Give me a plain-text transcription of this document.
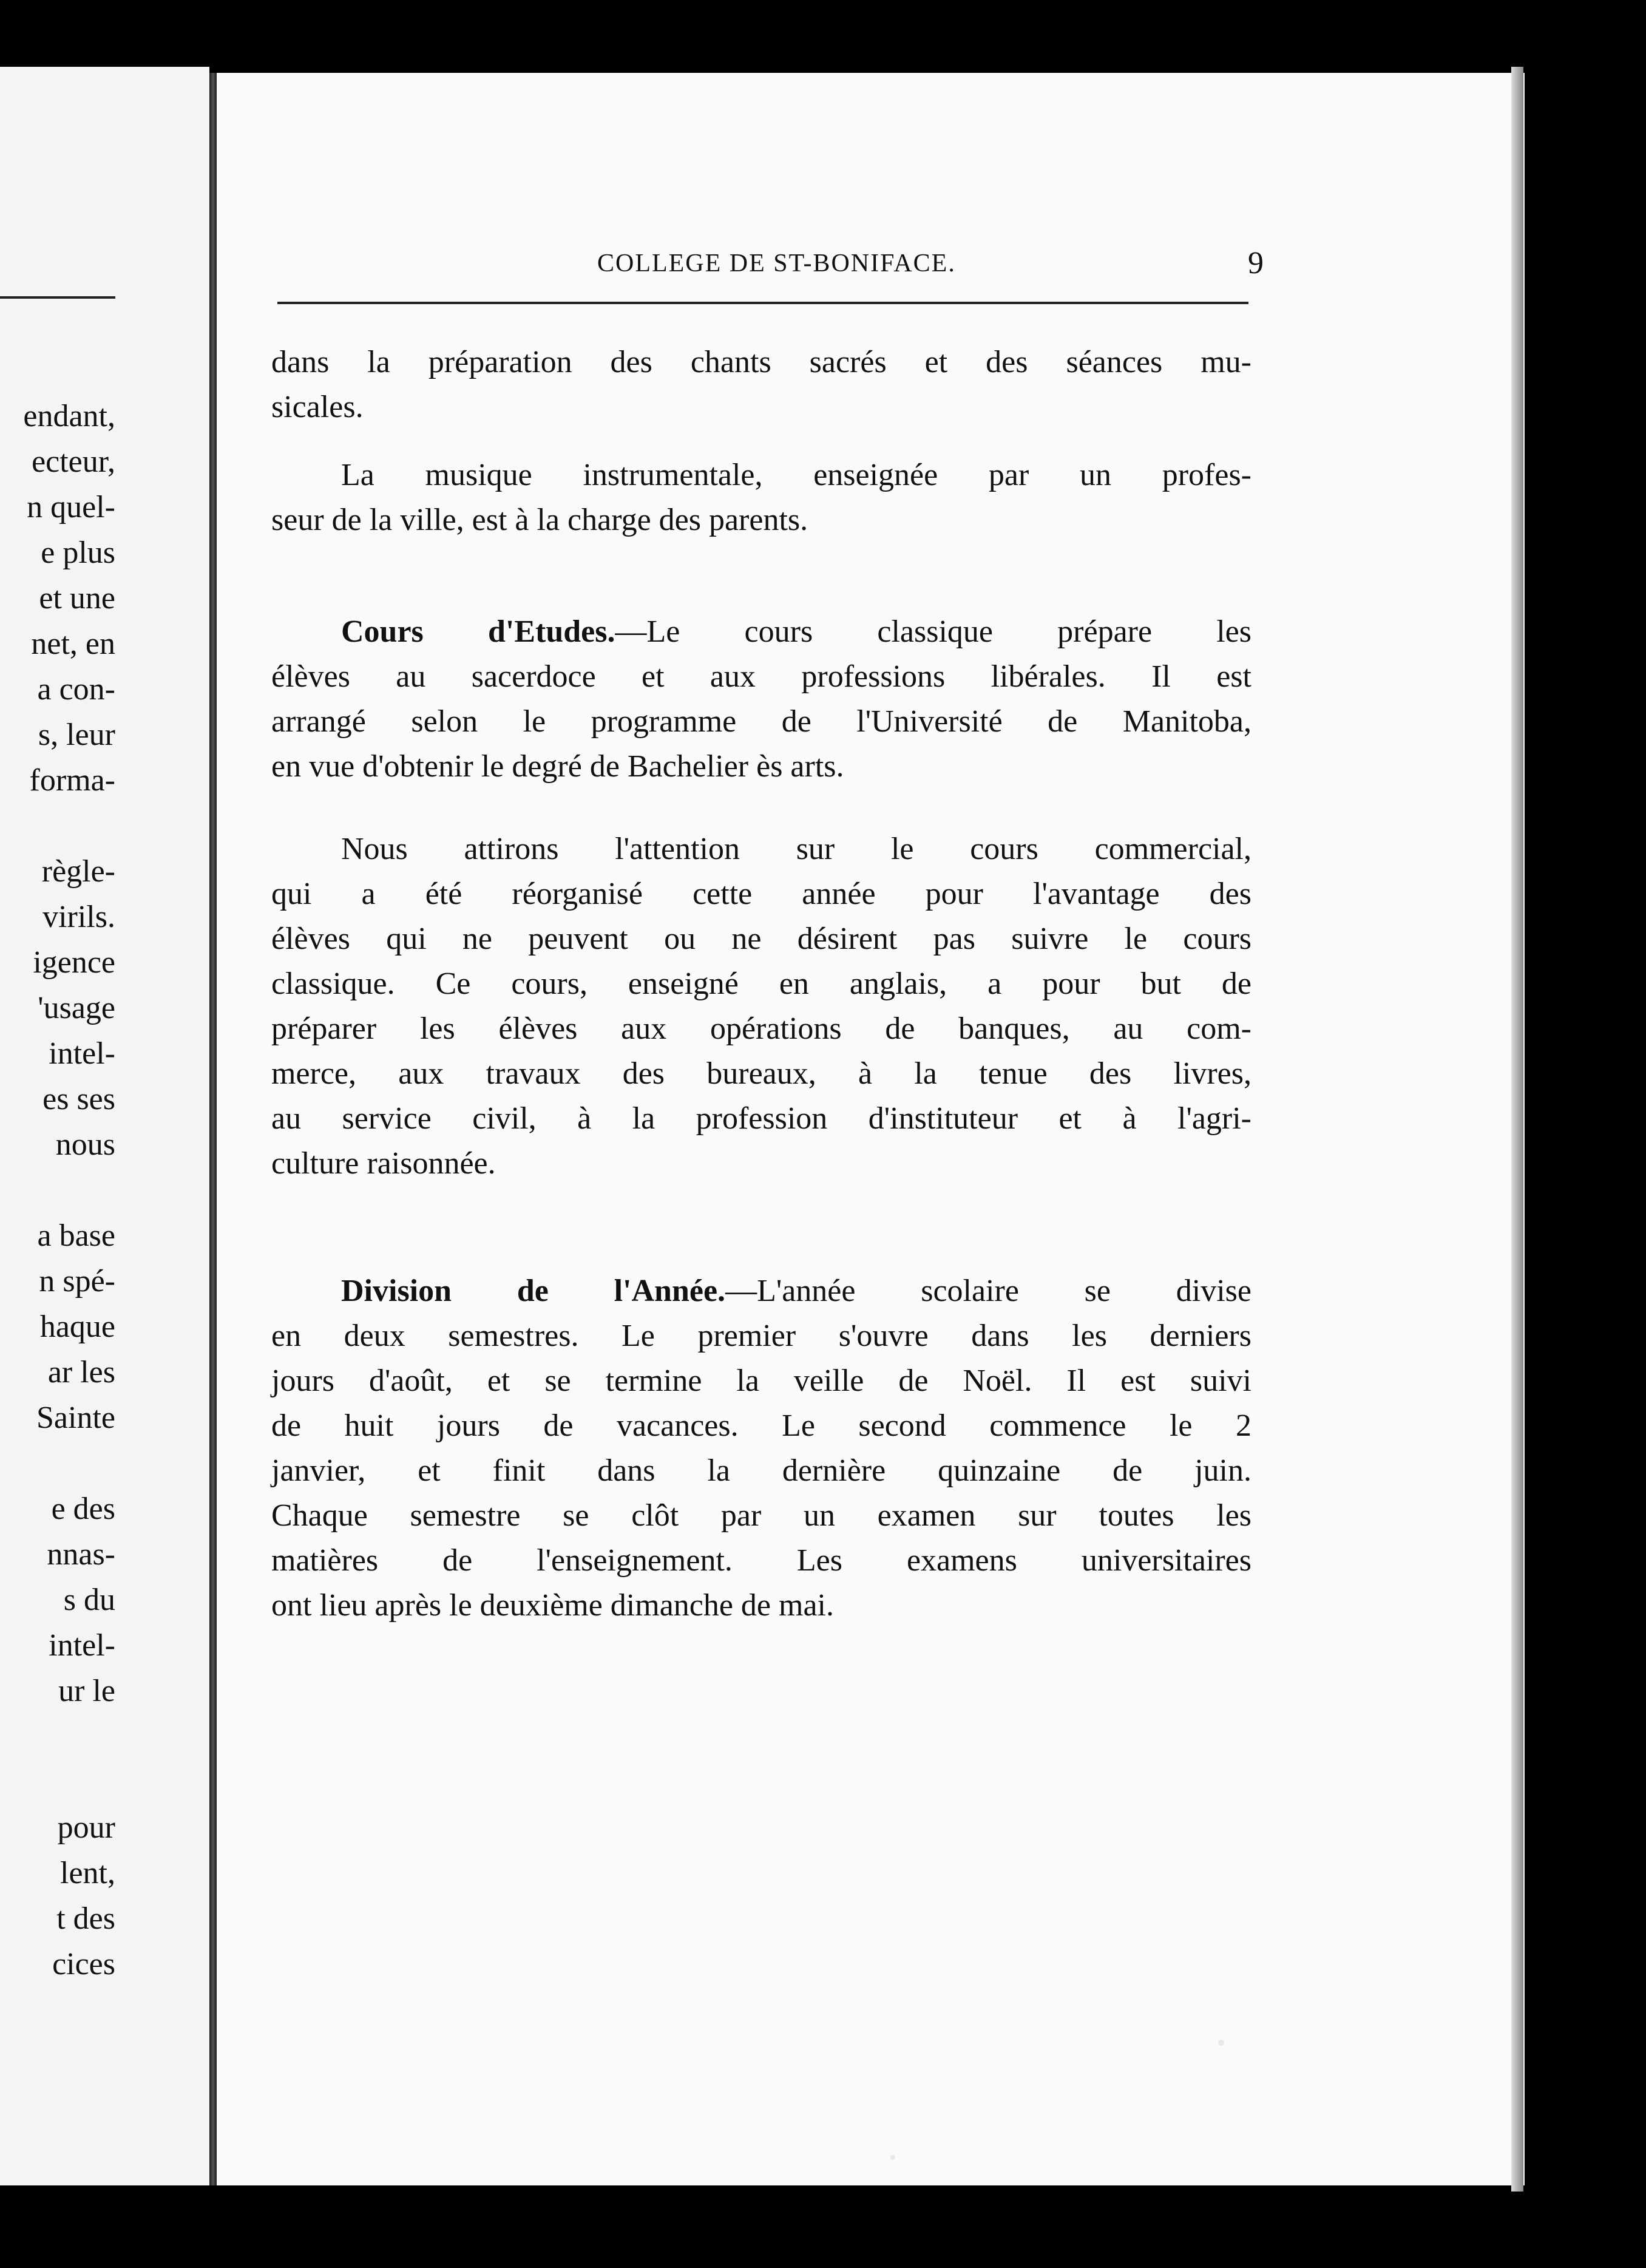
endant,
ecteur,
n quel-
e plus
et une
net, en
a con-
s, leur
forma-
règle-
virils.
igence
'usage
intel-
es ses
nous
a base
n spé-
haque
ar les
Sainte
e des
nnas-
s du
intel-
ur le
pour
lent,
t des
cices
COLLEGE DE ST-BONIFACE.	9
dans la préparation des chants sacrés et des séances mu-
sicales.
La musique instrumentale, enseignée par un profes-
seur de la ville, est à la charge des parents.
Cours d'Etudes.—Le cours classique prépare les
élèves au sacerdoce et aux professions libérales. Il est
arrangé selon le programme de l'Université de Manitoba,
en vue d'obtenir le degré de Bachelier ès arts.
Nous attirons l'attention sur le cours commercial,
qui a été réorganisé cette année pour l'avantage des
élèves qui ne peuvent ou ne désirent pas suivre le cours
classique. Ce cours, enseigné en anglais, a pour but de
préparer les élèves aux opérations de banques, au com-
merce, aux travaux des bureaux, à la tenue des livres,
au service civil, à la profession d'instituteur et à l'agri-
culture raisonnée.
Division de l'Année.—L'année scolaire se divise
en deux semestres. Le premier s'ouvre dans les derniers
jours d'août, et se termine la veille de Noël. Il est suivi
de huit jours de vacances. Le second commence le 2
janvier, et finit dans la dernière quinzaine de juin.
Chaque semestre se clôt par un examen sur toutes les
matières de l'enseignement. Les examens universitaires
ont lieu après le deuxième dimanche de mai.
